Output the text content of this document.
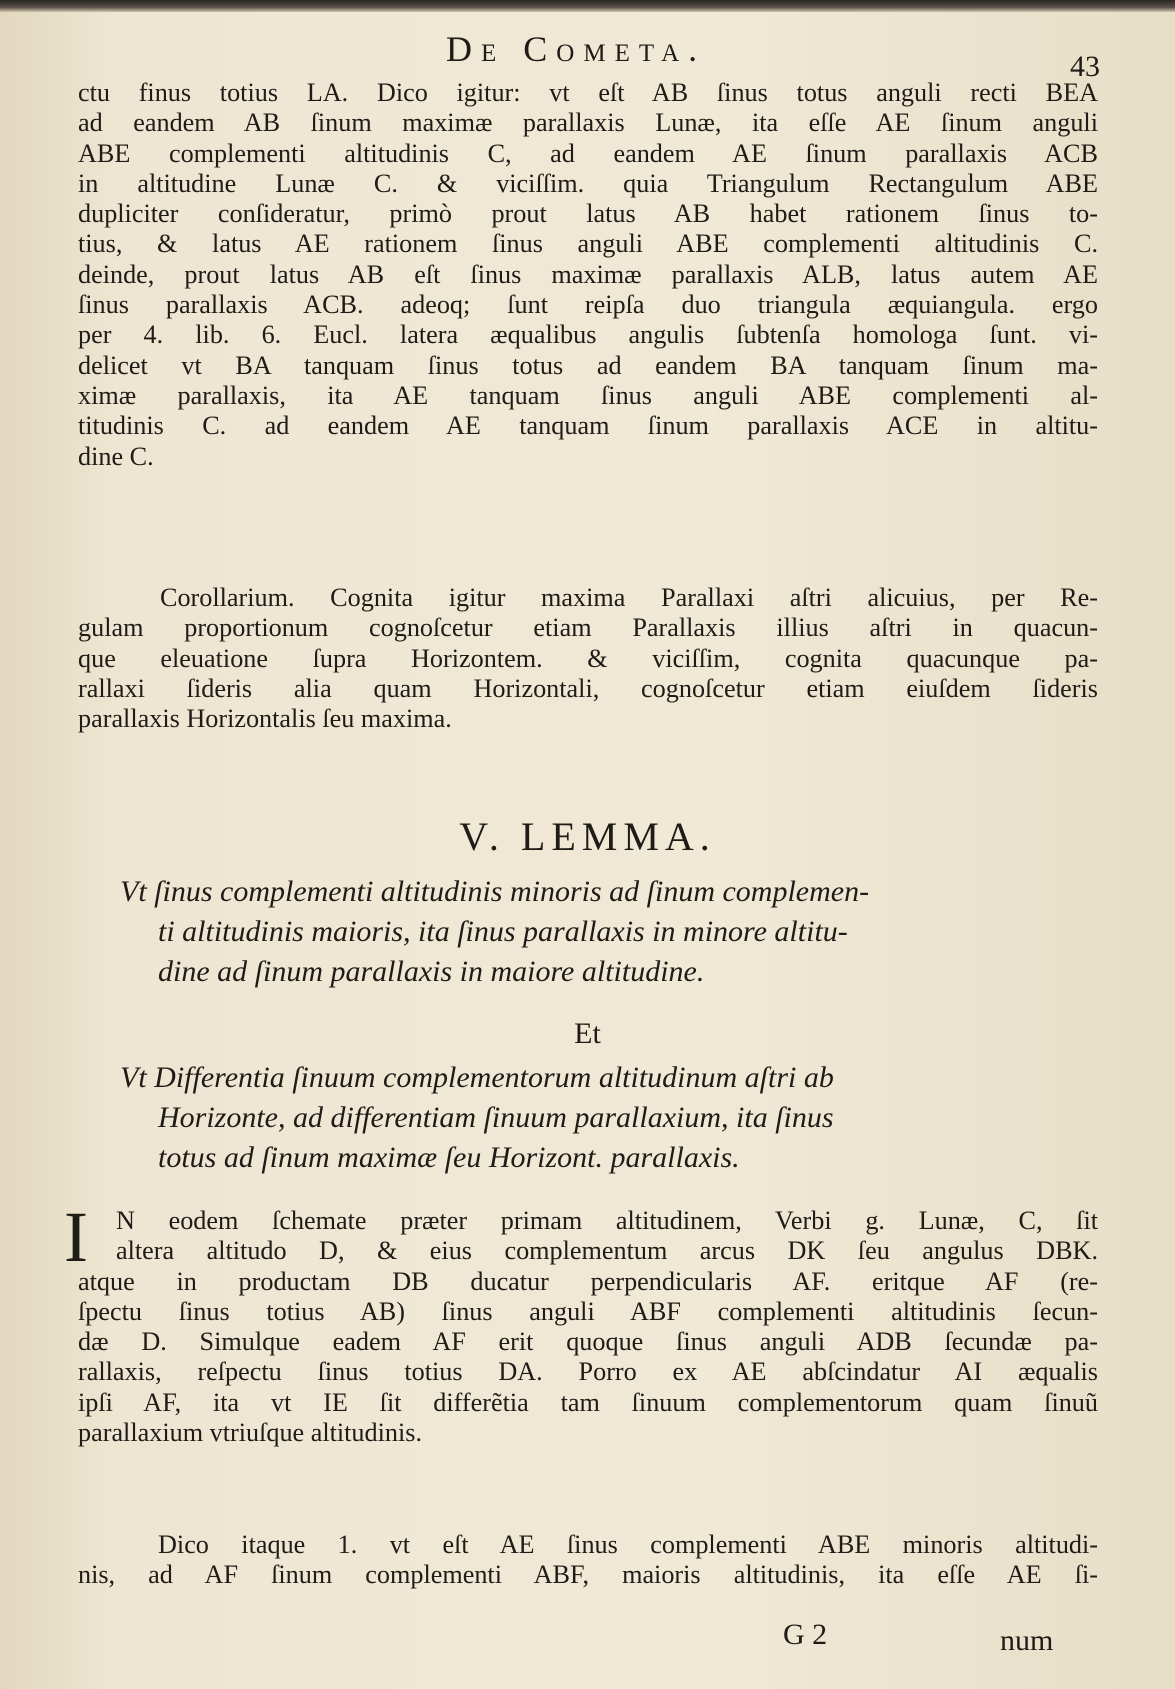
De Cometa.	43
ctu finus totius LA. Dico igitur: vt eſt AB ſinus totus anguli recti BEA
ad eandem AB ſinum maximæ parallaxis Lunæ, ita eſſe AE ſinum anguli
ABE complementi altitudinis C, ad eandem AE ſinum parallaxis ACB
in altitudine Lunæ C. & viciſſim. quia Triangulum Rectangulum ABE
dupliciter conſideratur, primò prout latus AB habet rationem ſinus to-
tius, & latus AE rationem ſinus anguli ABE complementi altitudinis C.
deinde, prout latus AB eſt ſinus maximæ parallaxis ALB, latus autem AE
ſinus parallaxis ACB. adeoq; ſunt reipſa duo triangula æquiangula. ergo
per 4. lib. 6. Eucl. latera æqualibus angulis ſubtenſa homologa ſunt. vi-
delicet vt BA tanquam ſinus totus ad eandem BA tanquam ſinum ma-
ximæ parallaxis, ita AE tanquam ſinus anguli ABE complementi al-
titudinis C. ad eandem AE tanquam ſinum parallaxis ACE in altitu-
dine C.
Corollarium. Cognita igitur maxima Parallaxi aſtri alicuius, per Re-
gulam proportionum cognoſcetur etiam Parallaxis illius aſtri in quacun-
que eleuatione ſupra Horizontem. & viciſſim, cognita quacunque pa-
rallaxi ſideris alia quam Horizontali, cognoſcetur etiam eiuſdem ſideris
parallaxis Horizontalis ſeu maxima.
V. LEMMA.
Vt ſinus complementi altitudinis minoris ad ſinum complemen-
ti altitudinis maioris, ita ſinus parallaxis in minore altitu-
dine ad ſinum parallaxis in maiore altitudine.
Et
Vt Differentia ſinuum complementorum altitudinum aſtri ab
Horizonte, ad differentiam ſinuum parallaxium, ita ſinus
totus ad ſinum maximæ ſeu Horizont. parallaxis.
I	N eodem ſchemate præter primam altitudinem, Verbi g. Lunæ, C, ſit
altera altitudo D, & eius complementum arcus DK ſeu angulus DBK.
atque in productam DB ducatur perpendicularis AF. eritque AF (re-
ſpectu ſinus totius AB) ſinus anguli ABF complementi altitudinis ſecun-
dæ D. Simulque eadem AF erit quoque ſinus anguli ADB ſecundæ pa-
rallaxis, reſpectu ſinus totius DA. Porro ex AE abſcindatur AI æqualis
ipſi AF, ita vt IE ſit differẽtia tam ſinuum complementorum quam ſinuũ
parallaxium vtriuſque altitudinis.
Dico itaque 1. vt eſt AE ſinus complementi ABE minoris altitudi-
nis, ad AF ſinum complementi ABF, maioris altitudinis, ita eſſe AE ſi-
G 2	num
